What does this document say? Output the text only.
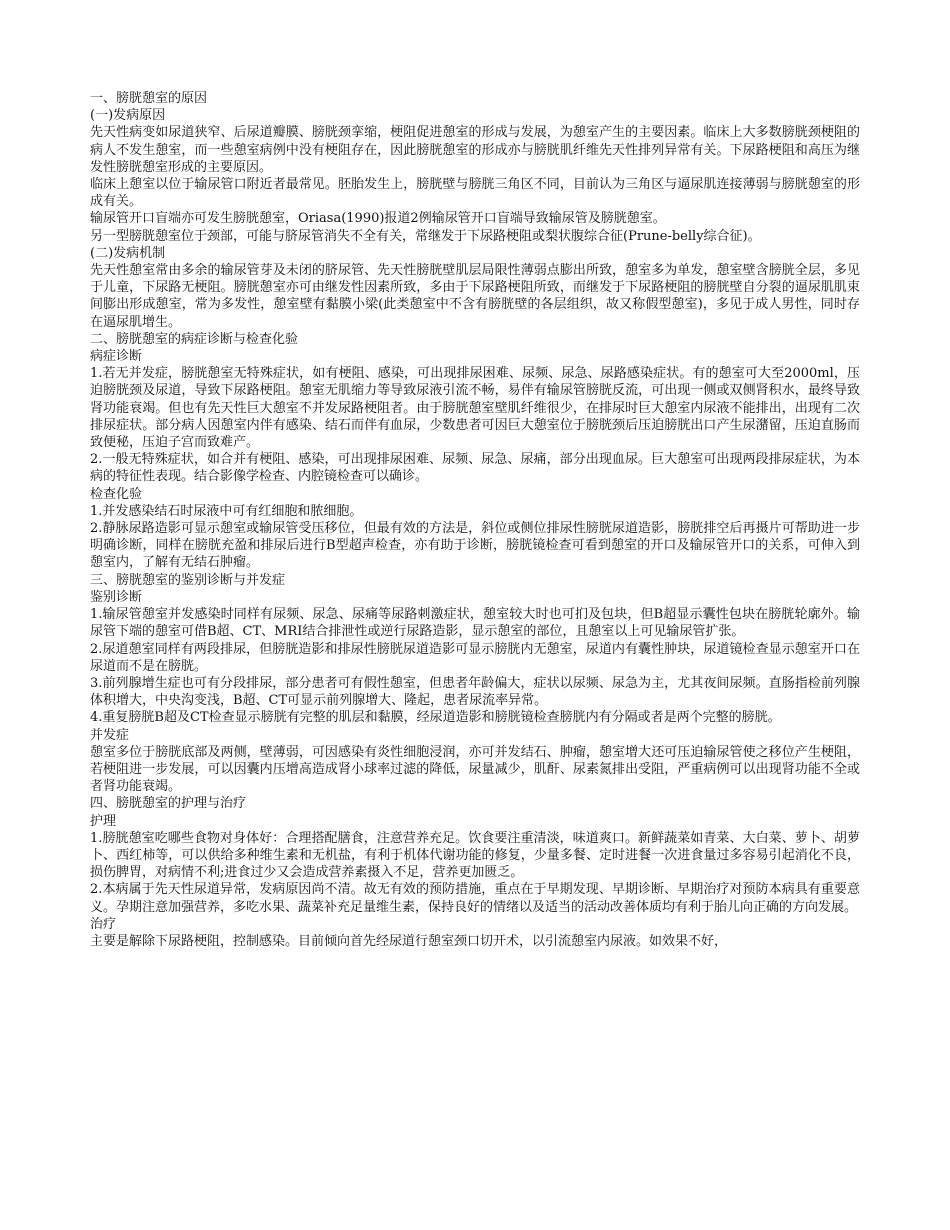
一、膀胱憩室的原因
(一)发病原因

先天性病变如尿道狭窄、后尿道瓣膜、膀胱颈挛缩，梗阻促进憩室的形成与发展，为憩室产生的主要因素。临床上大多数膀胱颈梗阻的病人不发生憩室，而一些憩室病例中没有梗阻存在，因此膀胱憩室的形成亦与膀胱肌纤维先天性排列异常有关。下尿路梗阻和高压为继发性膀胱憩室形成的主要原因。

临床上憩室以位于输尿管口附近者最常见。胚胎发生上，膀胱壁与膀胱三角区不同，目前认为三角区与逼尿肌连接薄弱与膀胱憩室的形成有关。

输尿管开口盲端亦可发生膀胱憩室，Oriasa(1990)报道2例输尿管开口盲端导致输尿管及膀胱憩室。

另一型膀胱憩室位于颈部，可能与脐尿管消失不全有关，常继发于下尿路梗阻或梨状腹综合征(Prune-belly综合征)。

(二)发病机制

先天性憩室常由多余的输尿管芽及未闭的脐尿管、先天性膀胱壁肌层局限性薄弱点膨出所致，憩室多为单发，憩室壁含膀胱全层，多见于儿童，下尿路无梗阻。膀胱憩室亦可由继发性因素所致，多由于下尿路梗阻所致，而继发于下尿路梗阻的膀胱壁自分裂的逼尿肌肌束间膨出形成憩室，常为多发性，憩室壁有黏膜小梁(此类憩室中不含有膀胱壁的各层组织，故又称假型憩室)，多见于成人男性，同时存在逼尿肌增生。

二、膀胱憩室的病症诊断与检查化验
病症诊断

1.若无并发症，膀胱憩室无特殊症状，如有梗阻、感染，可出现排尿困难、尿频、尿急、尿路感染症状。有的憩室可大至2000ml，压迫膀胱颈及尿道，导致下尿路梗阻。憩室无肌缩力等导致尿液引流不畅，易伴有输尿管膀胱反流，可出现一侧或双侧肾积水，最终导致肾功能衰竭。但也有先天性巨大憩室不并发尿路梗阻者。由于膀胱憩室壁肌纤维很少，在排尿时巨大憩室内尿液不能排出，出现有二次排尿症状。部分病人因憩室内伴有感染、结石而伴有血尿，少数患者可因巨大憩室位于膀胱颈后压迫膀胱出口产生尿潴留，压迫直肠而致便秘，压迫子宫而致难产。

2.一般无特殊症状，如合并有梗阻、感染，可出现排尿困难、尿频、尿急、尿痛，部分出现血尿。巨大憩室可出现两段排尿症状，为本病的特征性表现。结合影像学检查、内腔镜检查可以确诊。

检查化验

1.并发感染结石时尿液中可有红细胞和脓细胞。

2.静脉尿路造影可显示憩室或输尿管受压移位，但最有效的方法是，斜位或侧位排尿性膀胱尿道造影，膀胱排空后再摄片可帮助进一步明确诊断，同样在膀胱充盈和排尿后进行B型超声检查，亦有助于诊断，膀胱镜检查可看到憩室的开口及输尿管开口的关系，可伸入到憩室内，了解有无结石肿瘤。

三、膀胱憩室的鉴别诊断与并发症
鉴别诊断

1.输尿管憩室并发感染时同样有尿频、尿急、尿痛等尿路刺激症状，憩室较大时也可扪及包块，但B超显示囊性包块在膀胱轮廓外。输尿管下端的憩室可借B超、CT、MRI结合排泄性或逆行尿路造影，显示憩室的部位，且憩室以上可见输尿管扩张。

2.尿道憩室同样有两段排尿，但膀胱造影和排尿性膀胱尿道造影可显示膀胱内无憩室，尿道内有囊性肿块，尿道镜检查显示憩室开口在尿道而不是在膀胱。

3.前列腺增生症也可有分段排尿，部分患者可有假性憩室，但患者年龄偏大，症状以尿频、尿急为主，尤其夜间尿频。直肠指检前列腺体积增大，中央沟变浅，B超、CT可显示前列腺增大、隆起，患者尿流率异常。

4.重复膀胱B超及CT检查显示膀胱有完整的肌层和黏膜，经尿道造影和膀胱镜检查膀胱内有分隔或者是两个完整的膀胱。

并发症

憩室多位于膀胱底部及两侧，壁薄弱，可因感染有炎性细胞浸润，亦可并发结石、肿瘤，憩室增大还可压迫输尿管使之移位产生梗阻，若梗阻进一步发展，可以因囊内压增高造成肾小球率过滤的降低，尿量减少，肌酐、尿素氮排出受阻，严重病例可以出现肾功能不全或者肾功能衰竭。

四、膀胱憩室的护理与治疗
护理

1.膀胱憩室吃哪些食物对身体好：合理搭配膳食，注意营养充足。饮食要注重清淡，味道爽口。新鲜蔬菜如青菜、大白菜、萝卜、胡萝卜、西红柿等，可以供给多种维生素和无机盐，有利于机体代谢功能的修复，少量多餐、定时进餐一次进食量过多容易引起消化不良，损伤脾胃，对病情不利;进食过少又会造成营养素摄入不足，营养更加匮乏。

2.本病属于先天性尿道异常，发病原因尚不清。故无有效的预防措施，重点在于早期发现、早期诊断、早期治疗对预防本病具有重要意义。孕期注意加强营养，多吃水果、蔬菜补充足量维生素，保持良好的情绪以及适当的活动改善体质均有利于胎儿向正确的方向发展。

治疗

主要是解除下尿路梗阻，控制感染。目前倾向首先经尿道行憩室颈口切开术，以引流憩室内尿液。如效果不好，
